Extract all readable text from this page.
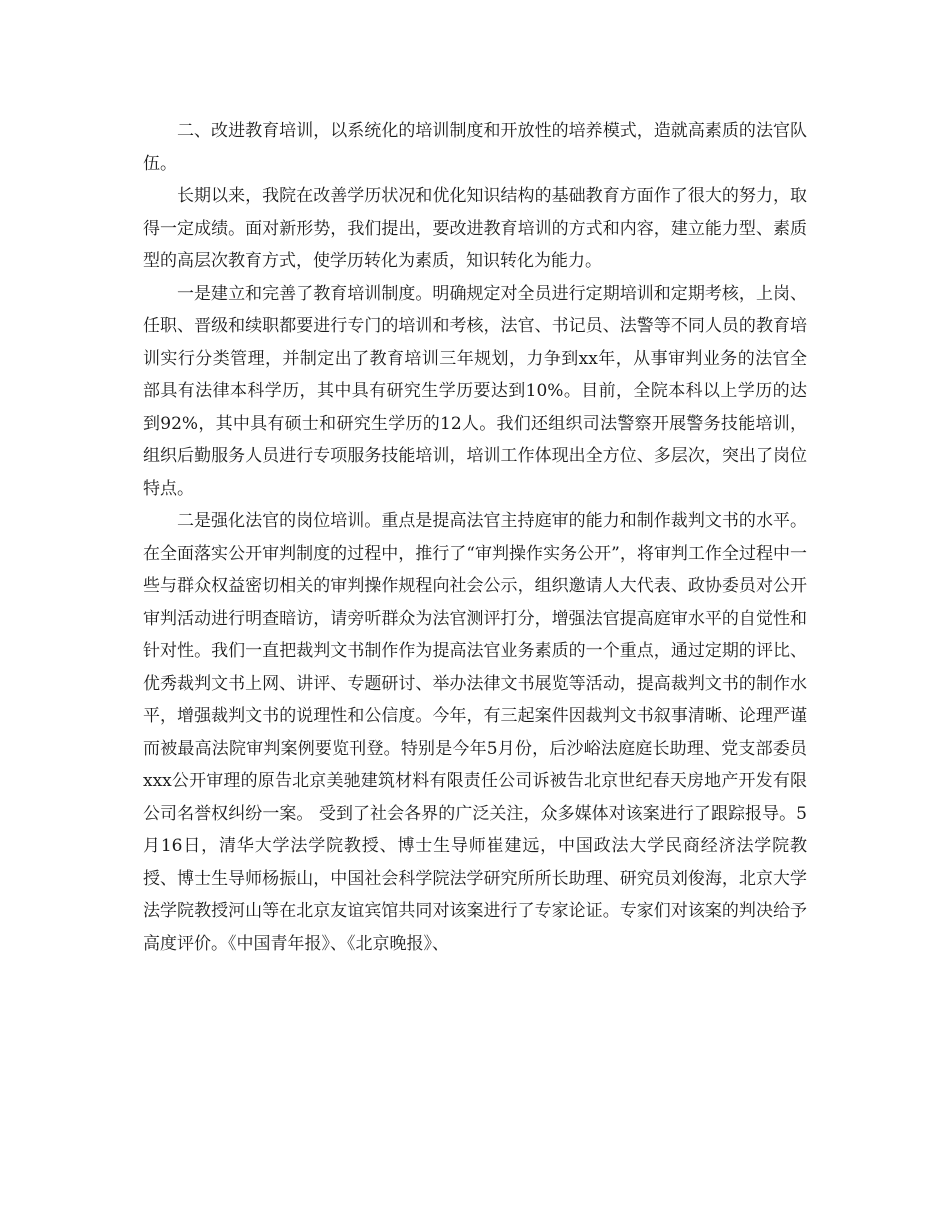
二、改进教育培训，以系统化的培训制度和开放性的培养模式，造就高素质的法官队伍。

长期以来，我院在改善学历状况和优化知识结构的基础教育方面作了很大的努力，取得一定成绩。面对新形势，我们提出，要改进教育培训的方式和内容，建立能力型、素质型的高层次教育方式，使学历转化为素质，知识转化为能力。

一是建立和完善了教育培训制度。明确规定对全员进行定期培训和定期考核，上岗、任职、晋级和续职都要进行专门的培训和考核，法官、书记员、法警等不同人员的教育培训实行分类管理，并制定出了教育培训三年规划，力争到xx年，从事审判业务的法官全部具有法律本科学历，其中具有研究生学历要达到10%。目前，全院本科以上学历的达到92%，其中具有硕士和研究生学历的12人。我们还组织司法警察开展警务技能培训，组织后勤服务人员进行专项服务技能培训，培训工作体现出全方位、多层次，突出了岗位特点。

二是强化法官的岗位培训。重点是提高法官主持庭审的能力和制作裁判文书的水平。在全面落实公开审判制度的过程中，推行了“审判操作实务公开”，将审判工作全过程中一些与群众权益密切相关的审判操作规程向社会公示，组织邀请人大代表、政协委员对公开审判活动进行明查暗访，请旁听群众为法官测评打分，增强法官提高庭审水平的自觉性和针对性。我们一直把裁判文书制作作为提高法官业务素质的一个重点，通过定期的评比、优秀裁判文书上网、讲评、专题研讨、举办法律文书展览等活动，提高裁判文书的制作水平，增强裁判文书的说理性和公信度。今年，有三起案件因裁判文书叙事清晰、论理严谨而被最高法院审判案例要览刊登。特别是今年5月份，后沙峪法庭庭长助理、党支部委员xxx公开审理的原告北京美驰建筑材料有限责任公司诉被告北京世纪春天房地产开发有限公司名誉权纠纷一案。 受到了社会各界的广泛关注，众多媒体对该案进行了跟踪报导。5月16日，清华大学法学院教授、博士生导师崔建远，中国政法大学民商经济法学院教授、博士生导师杨振山，中国社会科学院法学研究所所长助理、研究员刘俊海，北京大学法学院教授河山等在北京友谊宾馆共同对该案进行了专家论证。专家们对该案的判决给予高度评价。《中国青年报》、《北京晚报》、
